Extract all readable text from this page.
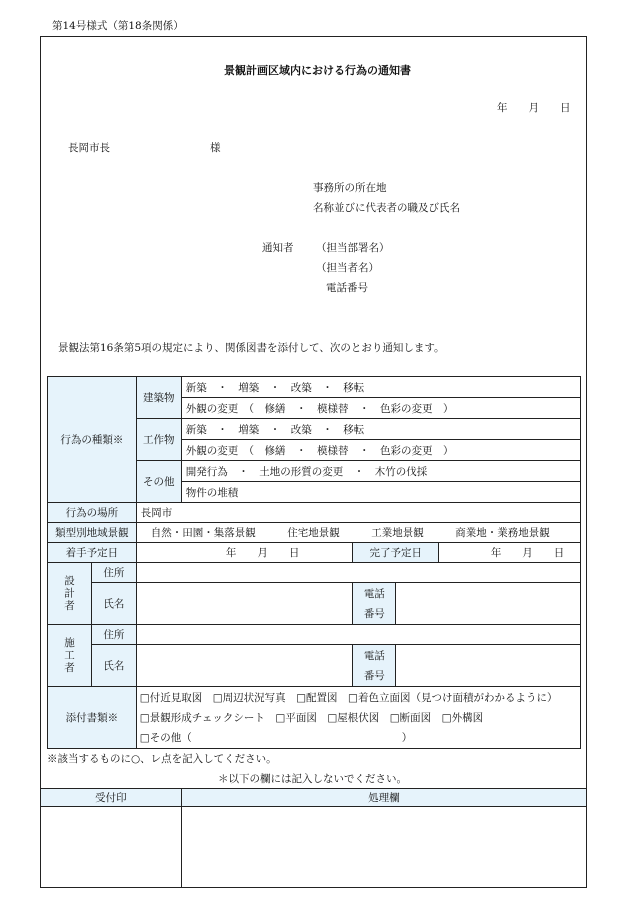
第14号様式（第18条関係）
景観計画区域内における行為の通知書
年　　月　　日
長岡市長	様
事務所の所在地
名称並びに代表者の職及び氏名
通知者 （担当部署名）
（担当者名）
電話番号
景観法第16条第5項の規定により、関係図書を添付して、次のとおり通知します。
行為の種類※		建築物	新築　・　増築　・　改築　・　移転			
			外観の変更　（　修繕　・　模様替　・　色彩の変更　）			
		工作物	新築　・　増築　・　改築　・　移転			
			外観の変更　（　修繕　・　模様替　・　色彩の変更　）			
		その他	開発行為　・　土地の形質の変更　・　木竹の伐採			
			物件の堆積			
行為の場所		長岡市				
類型別地域景観		自然・田園・集落景観　　　住宅地景観　　　工業地景観　　　商業地・業務地景観				
着手予定日		年　　月　　日		完了予定日		年　　月　　日

設計者	住所					
	氏名			電話
番号		

施工者	住所					
	氏名			電話
番号		
添付書類※		□付近見取図　□周辺状況写真　□配置図　□着色立面図（見つけ面積がわかるように）
□景観形成チェックシート　□平面図　□屋根伏図　□断面図　□外構図
□その他（　　　　　　　　　　　　　　　　　　　　）				
※該当するものに○、レ点を記入してください。
＊以下の欄には記入しないでください。
受付印	処理欄
